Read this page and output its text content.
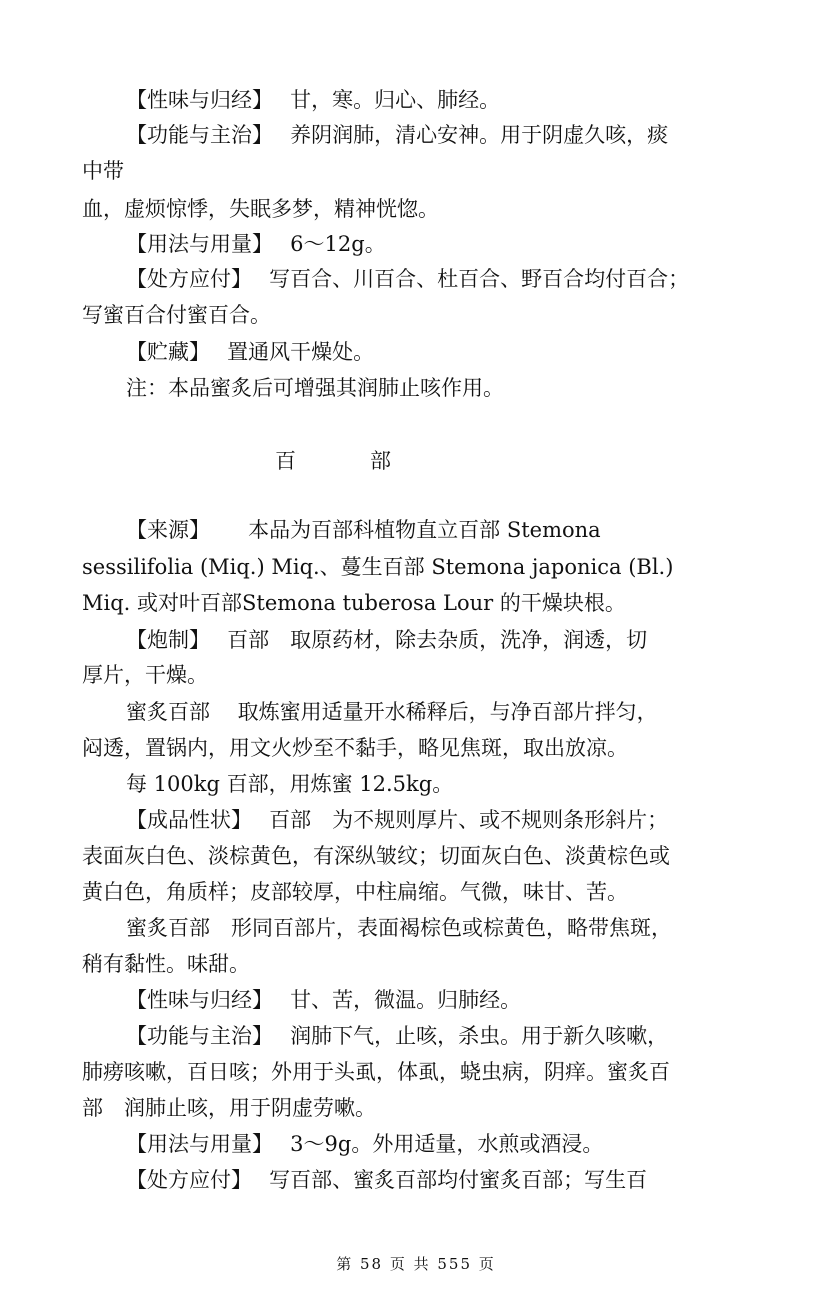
【性味与归经】　 甘，寒。归心、肺经。
【功能与主治】　 养阴润肺，清心安神。用于阴虚久咳，痰
中带
血，虚烦惊悸，失眠多梦，精神恍惚。
【用法与用量】　 6～12g。
【处方应付】　 写百合、川百合、杜百合、野百合均付百合；
写蜜百合付蜜百合。
【贮藏】　 置通风干燥处。
注：本品蜜炙后可增强其润肺止咳作用。
【来源】　　 本品为百部科植物直立百部 Stemona
sessilifolia (Miq.) Miq.、蔓生百部 Stemona japonica (Bl.)
Miq. 或对叶百部Stemona tuberosa Lour 的干燥块根。
【炮制】　 百部　取原药材，除去杂质，洗净，润透，切
厚片，干燥。
蜜炙百部　 取炼蜜用适量开水稀释后，与净百部片拌匀，
闷透，置锅内，用文火炒至不黏手，略见焦斑，取出放凉。
每 100kg 百部，用炼蜜 12.5kg。
【成品性状】　 百部　为不规则厚片、或不规则条形斜片；
表面灰白色、淡棕黄色，有深纵皱纹；切面灰白色、淡黄棕色或
黄白色，角质样；皮部较厚，中柱扁缩。气微，味甘、苦。
蜜炙百部　形同百部片，表面褐棕色或棕黄色，略带焦斑，
稍有黏性。味甜。
【性味与归经】　 甘、苦，微温。归肺经。
【功能与主治】　 润肺下气，止咳，杀虫。用于新久咳嗽，
肺痨咳嗽，百日咳；外用于头虱，体虱，蛲虫病，阴痒。蜜炙百
部　润肺止咳，用于阴虚劳嗽。
【用法与用量】　 3～9g。外用适量，水煎或酒浸。
【处方应付】　 写百部、蜜炙百部均付蜜炙百部；写生百
百部
第 58 页 共 555 页
